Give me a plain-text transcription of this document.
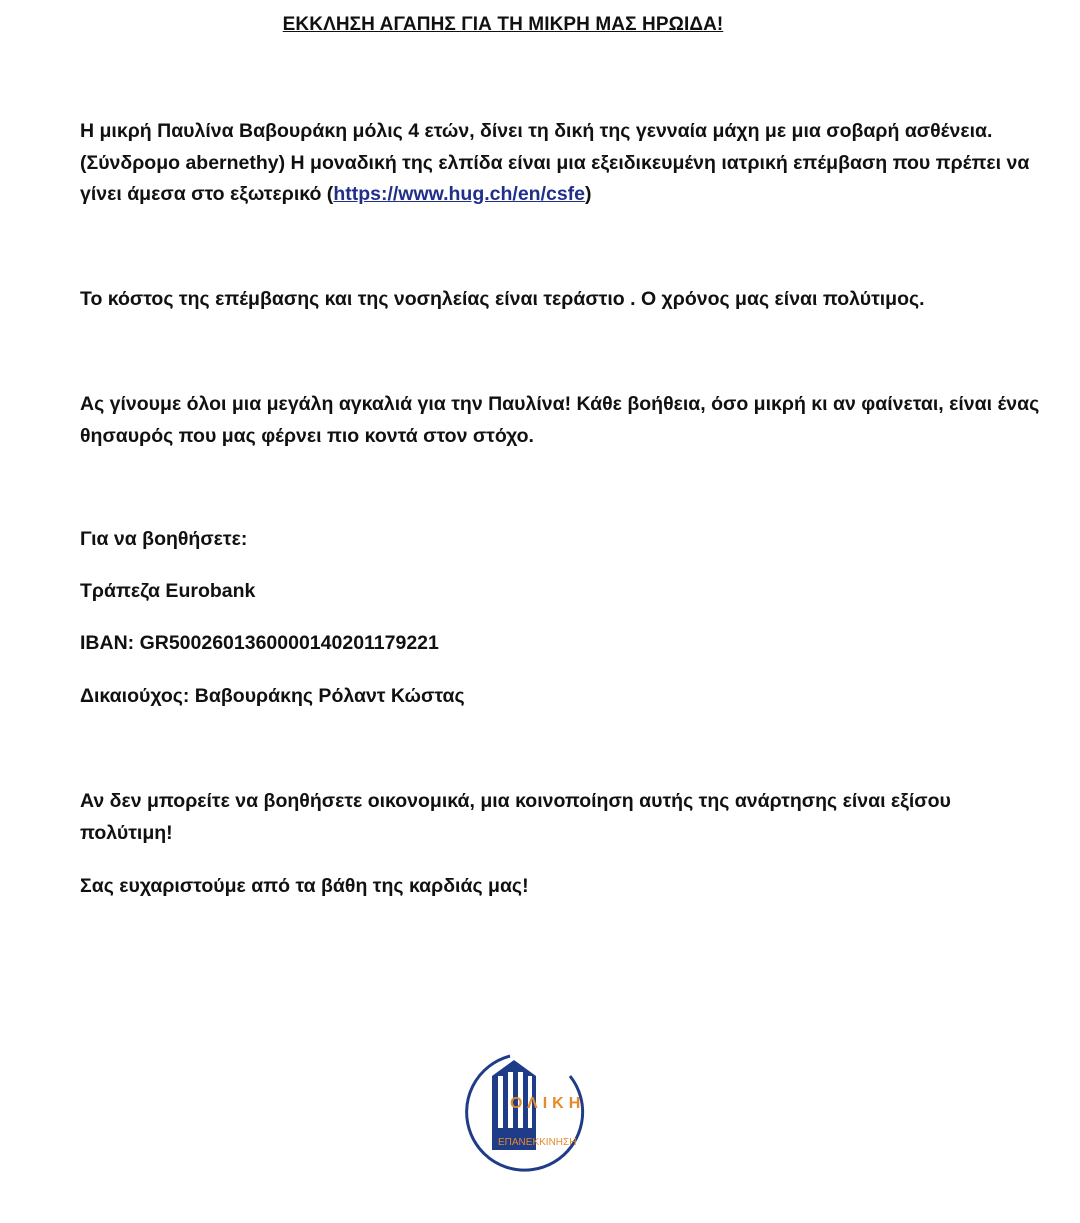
ΕΚΚΛΗΣΗ ΑΓΑΠΗΣ ΓΙΑ ΤΗ ΜΙΚΡΗ ΜΑΣ ΗΡΩΙΔΑ!

Η μικρή Παυλίνα Βαβουράκη μόλις 4 ετών, δίνει τη δική της γενναία μάχη με μια σοβαρή ασθένεια.(Σύνδρομο abernethy) Η μοναδική της ελπίδα είναι μια εξειδικευμένη ιατρική επέμβαση που πρέπει να γίνει άμεσα στο εξωτερικό (https://www.hug.ch/en/csfe)

Το κόστος της επέμβασης και της νοσηλείας είναι τεράστιο . Ο χρόνος μας είναι πολύτιμος.

Ας γίνουμε όλοι μια μεγάλη αγκαλιά για την Παυλίνα! Κάθε βοήθεια, όσο μικρή κι αν φαίνεται, είναι ένας θησαυρός που μας φέρνει πιο κοντά στον στόχο.

Για να βοηθήσετε:

Τράπεζα Eurobank

IBAN: GR5002601360000140201179221

Δικαιούχος: Βαβουράκης Ρόλαντ Κώστας

Αν δεν μπορείτε να βοηθήσετε οικονομικά, μια κοινοποίηση αυτής της ανάρτησης είναι εξίσου πολύτιμη!

Σας ευχαριστούμε από τα βάθη της καρδιάς μας!

ΟΛΙΚΗ
ΕΠΑΝΕΚΚΙΝΗΣΗ
